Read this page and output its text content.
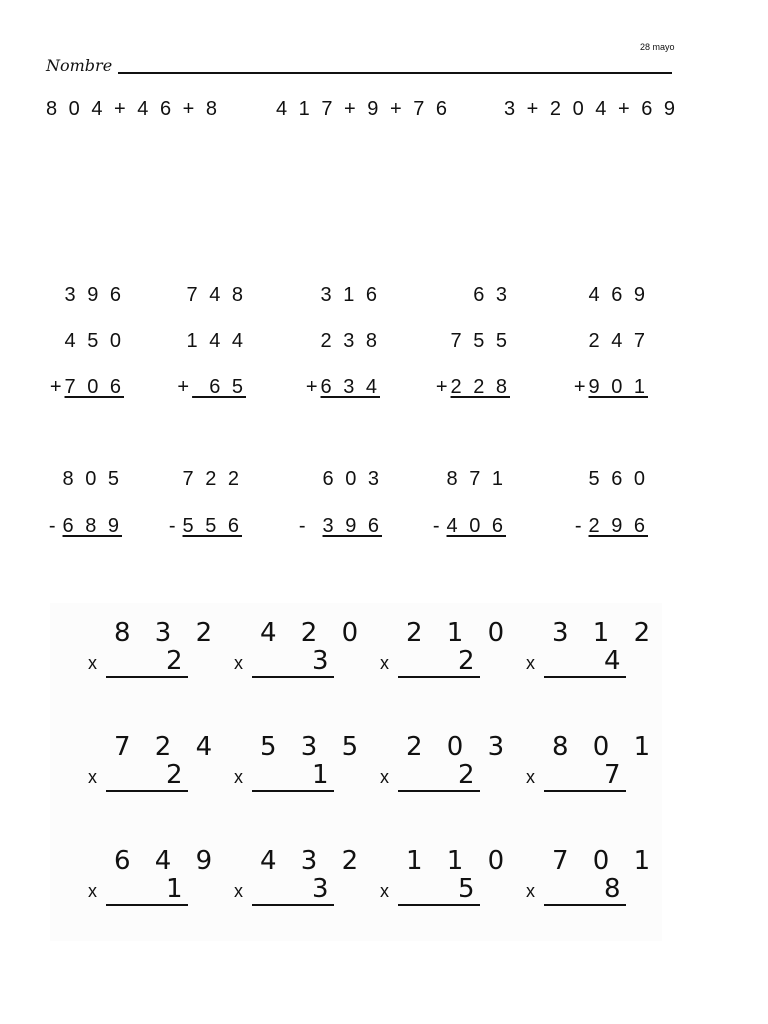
28 mayo
Nombre
8 0 4 + 4 6 + 8	4 1 7 + 9 + 7 6	3 + 2 0 4 + 6 9
3 9 6
4 5 0
+7 0 6
7 4 8
1 4 4
+  6 5
3 1 6
2 3 8
+6 3 4
6 3
7 5 5
+2 2 8
4 6 9
2 4 7
+9 0 1
8 0 5
- 6 8 9
7 2 2
- 5 5 6
6 0 3
- 3 9 6
8 7 1
- 4 0 6
5 6 0
- 2 9 6
8 3 2
x	2
4 2 0
x	3
2 1 0
x	2
3 1 2
x	4
7 2 4
x	2
5 3 5
x	1
2 0 3
x	2
8 0 1
x	7
6 4 9
x	1
4 3 2
x	3
1 1 0
x	5
7 0 1
x	8
